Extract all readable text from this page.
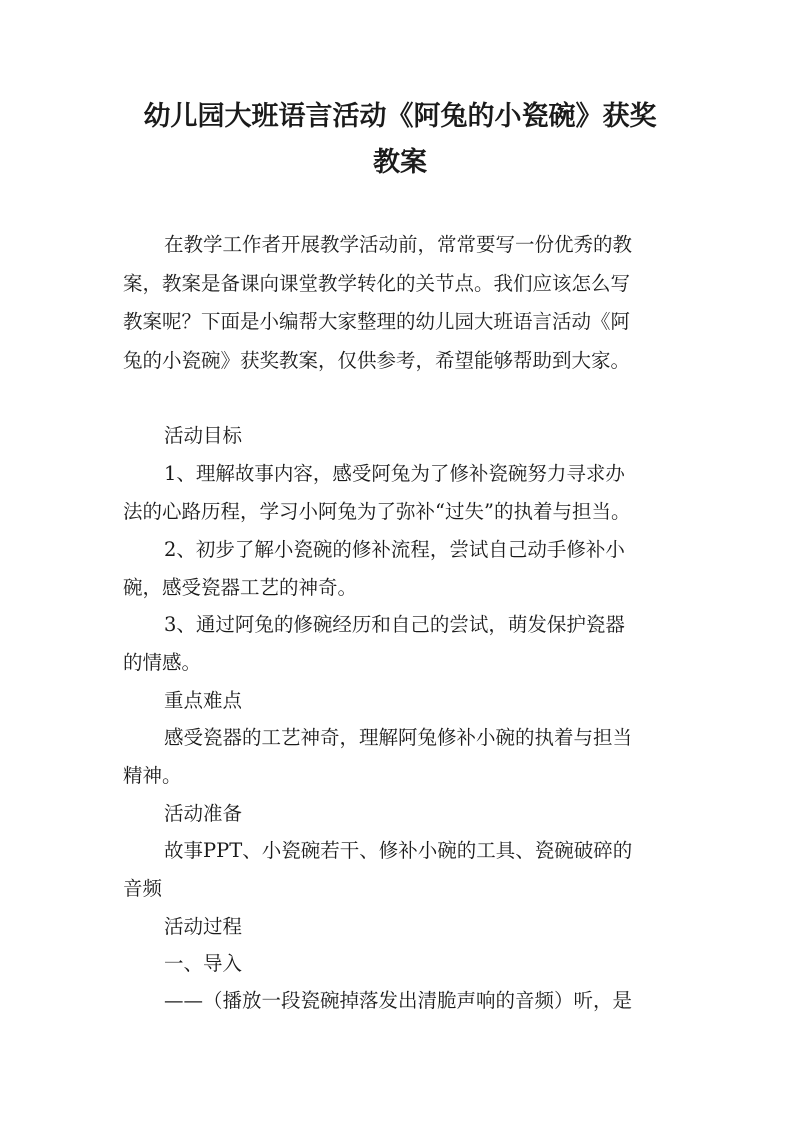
幼儿园大班语言活动《阿兔的小瓷碗》获奖
教案
在教学工作者开展教学活动前，常常要写一份优秀的教
案，教案是备课向课堂教学转化的关节点。我们应该怎么写
教案呢？下面是小编帮大家整理的幼儿园大班语言活动《阿
兔的小瓷碗》获奖教案，仅供参考，希望能够帮助到大家。
活动目标
1、理解故事内容，感受阿兔为了修补瓷碗努力寻求办
法的心路历程，学习小阿兔为了弥补“过失”的执着与担当。
2、初步了解小瓷碗的修补流程，尝试自己动手修补小
碗，感受瓷器工艺的神奇。
3、通过阿兔的修碗经历和自己的尝试，萌发保护瓷器
的情感。
重点难点
感受瓷器的工艺神奇，理解阿兔修补小碗的执着与担当
精神。
活动准备
故事PPT、小瓷碗若干、修补小碗的工具、瓷碗破碎的
音频
活动过程
一、导入
——（播放一段瓷碗掉落发出清脆声响的音频）听，是
